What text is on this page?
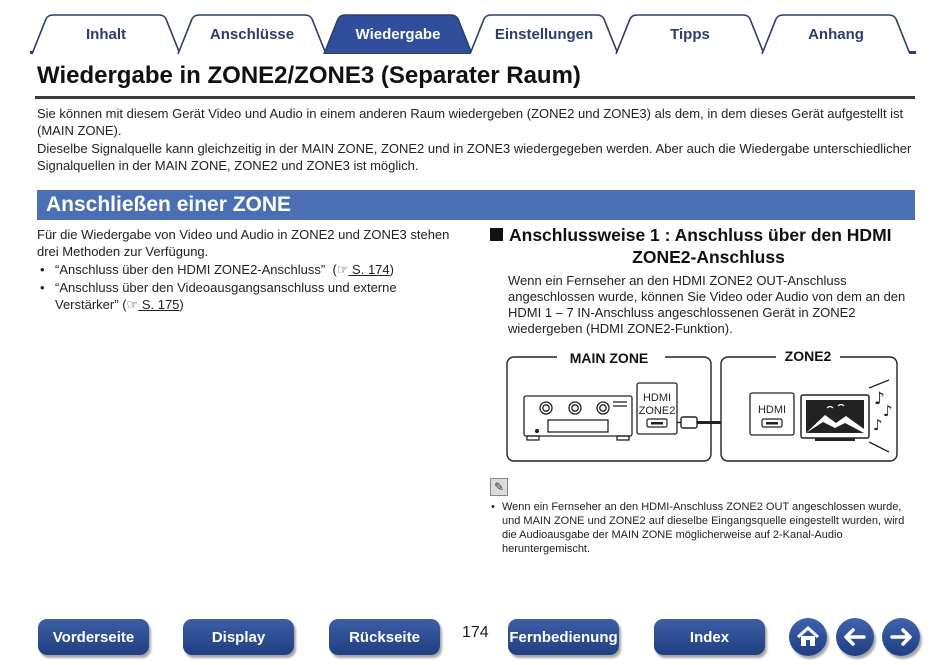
Inhalt	Anschlüsse	Wiedergabe	Einstellungen	Tipps	Anhang
Wiedergabe in ZONE2/ZONE3 (Separater Raum)

Sie können mit diesem Gerät Video und Audio in einem anderen Raum wiedergeben (ZONE2 und ZONE3) als dem, in dem dieses Gerät aufgestellt ist (MAIN ZONE).

Dieselbe Signalquelle kann gleichzeitig in der MAIN ZONE, ZONE2 und in ZONE3 wiedergegeben werden. Aber auch die Wiedergabe unterschiedlicher Signalquellen in der MAIN ZONE, ZONE2 und ZONE3 ist möglich.

Anschließen einer ZONE

Für die Wiedergabe von Video und Audio in ZONE2 und ZONE3 stehen drei Methoden zur Verfügung.

• “Anschluss über den HDMI ZONE2-Anschluss” (☞ S. 174)
• “Anschluss über den Videoausgangsanschluss und externe Verstärker” (☞ S. 175)
Anschlussweise 1 : Anschluss über den HDMI
ZONE2-Anschluss

Wenn ein Fernseher an den HDMI ZONE2 OUT-Anschluss angeschlossen wurde, können Sie Video oder Audio von dem an den HDMI 1 – 7 IN-Anschluss angeschlossenen Gerät in ZONE2 wiedergeben (HDMI ZONE2-Funktion).

MAIN ZONE
HDMI
ZONE2
ZONE2
HDMI
♪
♪
♪
✎
• Wenn ein Fernseher an den HDMI-Anschluss ZONE2 OUT angeschlossen wurde, und MAIN ZONE und ZONE2 auf dieselbe Eingangsquelle eingestellt wurden, wird die Audioausgabe der MAIN ZONE möglicherweise auf 2-Kanal-Audio heruntergemischt.
Vorderseite	Display	Rückseite	174 Fernbedienung	Index
